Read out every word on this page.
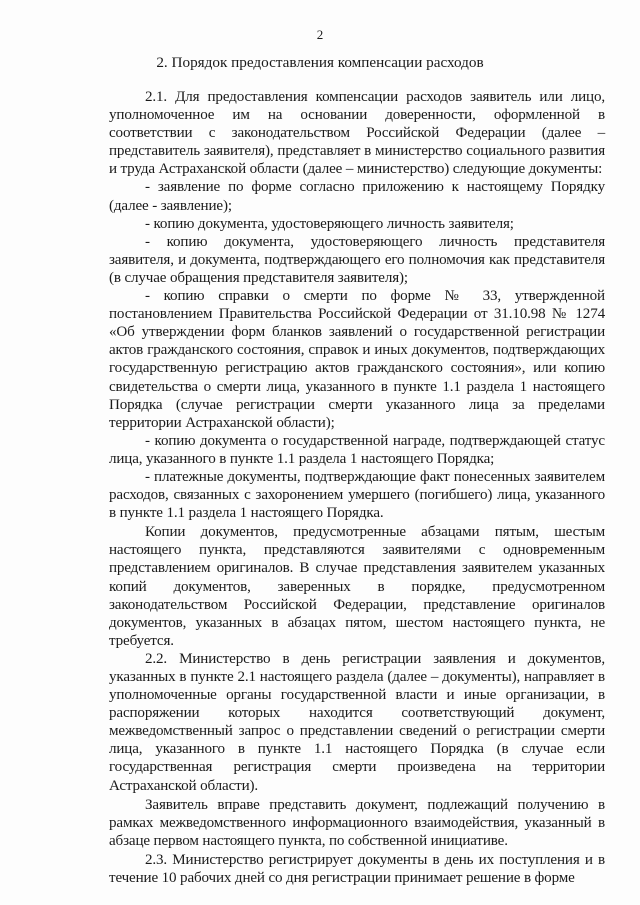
2
2. Порядок предоставления компенсации расходов

2.1. Для предоставления компенсации расходов заявитель или лицо, уполномоченное им на основании доверенности, оформленной в соответствии с законодательством Российской Федерации (далее – представитель заявителя), представляет в министерство социального развития и труда Астраханской области (далее – министерство) следующие документы:

- заявление по форме согласно приложению к настоящему Порядку (далее - заявление);

- копию документа, удостоверяющего личность заявителя;

- копию документа, удостоверяющего личность представителя заявителя, и документа, подтверждающего его полномочия как представителя (в случае обращения представителя заявителя);

- копию справки о смерти по форме № 33, утвержденной постановлением Правительства Российской Федерации от 31.10.98 № 1274 «Об утверждении форм бланков заявлений о государственной регистрации актов гражданского состояния, справок и иных документов, подтверждающих государственную регистрацию актов гражданского состояния», или копию свидетельства о смерти лица, указанного в пункте 1.1 раздела 1 настоящего Порядка (случае регистрации смерти указанного лица за пределами территории Астраханской области);

- копию документа о государственной награде, подтверждающей статус лица, указанного в пункте 1.1 раздела 1 настоящего Порядка;

- платежные документы, подтверждающие факт понесенных заявителем расходов, связанных с захоронением умершего (погибшего) лица, указанного в пункте 1.1 раздела 1 настоящего Порядка.

Копии документов, предусмотренные абзацами пятым, шестым настоящего пункта, представляются заявителями с одновременным представлением оригиналов. В случае представления заявителем указанных копий документов, заверенных в порядке, предусмотренном законодательством Российской Федерации, представление оригиналов документов, указанных в абзацах пятом, шестом настоящего пункта, не требуется.

2.2. Министерство в день регистрации заявления и документов, указанных в пункте 2.1 настоящего раздела (далее – документы), направляет в уполномоченные органы государственной власти и иные организации, в распоряжении которых находится соответствующий документ, межведомственный запрос о представлении сведений о регистрации смерти лица, указанного в пункте 1.1 настоящего Порядка (в случае если государственная регистрация смерти произведена на территории Астраханской области).

Заявитель вправе представить документ, подлежащий получению в рамках межведомственного информационного взаимодействия, указанный в абзаце первом настоящего пункта, по собственной инициативе.

2.3. Министерство регистрирует документы в день их поступления и в течение 10 рабочих дней со дня регистрации принимает решение в форме
